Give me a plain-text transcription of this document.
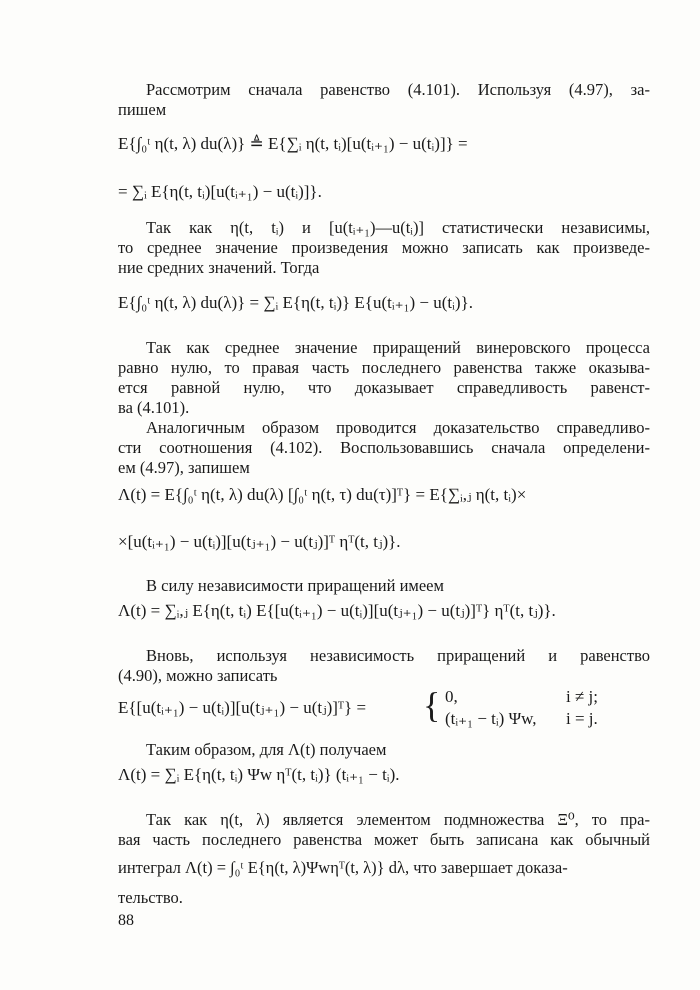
Рассмотрим сначала равенство (4.101). Используя (4.97), за-
пишем
E{∫₀ᵗ η(t, λ) du(λ)} ≜ E{∑ᵢ η(t, tᵢ)[u(tᵢ₊₁) − u(tᵢ)]} =
= ∑ᵢ E{η(t, tᵢ)[u(tᵢ₊₁) − u(tᵢ)]}.
Так как η(t, tᵢ) и [u(tᵢ₊₁)—u(tᵢ)] статистически независимы,
то среднее значение произведения можно записать как произведе-
ние средних значений. Тогда
E{∫₀ᵗ η(t, λ) du(λ)} = ∑ᵢ E{η(t, tᵢ)} E{u(tᵢ₊₁) − u(tᵢ)}.
Так как среднее значение приращений винеровского процесса
равно нулю, то правая часть последнего равенства также оказыва-
ется равной нулю, что доказывает справедливость равенст-
ва (4.101).
Аналогичным образом проводится доказательство справедливо-
сти соотношения (4.102). Воспользовавшись сначала определени-
ем (4.97), запишем
Λ(t) = E{∫₀ᵗ η(t, λ) du(λ) [∫₀ᵗ η(t, τ) du(τ)]ᵀ} = E{∑ᵢ,ⱼ η(t, tᵢ)×
×[u(tᵢ₊₁) − u(tᵢ)][u(tⱼ₊₁) − u(tⱼ)]ᵀ ηᵀ(t, tⱼ)}.
В силу независимости приращений имеем
Λ(t) = ∑ᵢ,ⱼ E{η(t, tᵢ) E{[u(tᵢ₊₁) − u(tᵢ)][u(tⱼ₊₁) − u(tⱼ)]ᵀ} ηᵀ(t, tⱼ)}.
Вновь, используя независимость приращений и равенство
(4.90), можно записать
E{[u(tᵢ₊₁) − u(tᵢ)][u(tⱼ₊₁) − u(tⱼ)]ᵀ} = { 0,	i ≠ j;
(tᵢ₊₁ − tᵢ) Ψw, i = j.
Таким образом, для Λ(t) получаем
Λ(t) = ∑ᵢ E{η(t, tᵢ) Ψw ηᵀ(t, tᵢ)} (tᵢ₊₁ − tᵢ).
Так как η(t, λ) является элементом подмножества Ξ⁰, то пра-
вая часть последнего равенства может быть записана как обычный
интеграл Λ(t) = ∫₀ᵗ E{η(t, λ)Ψwηᵀ(t, λ)} dλ, что завершает доказа-
тельство.
88
